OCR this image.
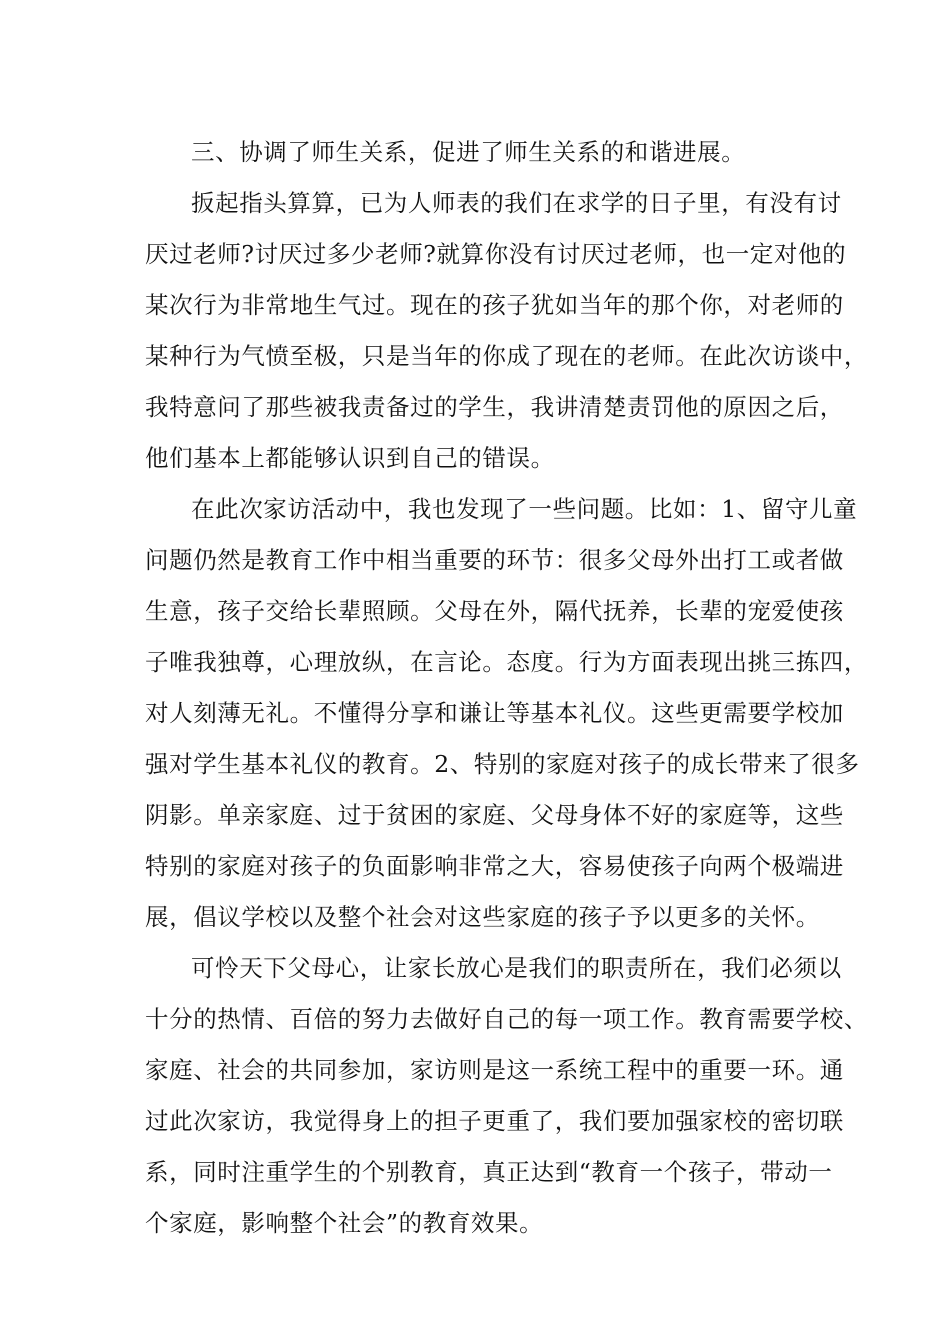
三、协调了师生关系，促进了师生关系的和谐进展。
扳起指头算算，已为人师表的我们在求学的日子里，有没有讨
厌过老师?讨厌过多少老师?就算你没有讨厌过老师，也一定对他的
某次行为非常地生气过。现在的孩子犹如当年的那个你，对老师的
某种行为气愤至极，只是当年的你成了现在的老师。在此次访谈中，
我特意问了那些被我责备过的学生，我讲清楚责罚他的原因之后，
他们基本上都能够认识到自己的错误。
在此次家访活动中，我也发现了一些问题。比如：1、留守儿童
问题仍然是教育工作中相当重要的环节：很多父母外出打工或者做
生意，孩子交给长辈照顾。父母在外，隔代抚养，长辈的宠爱使孩
子唯我独尊，心理放纵，在言论。态度。行为方面表现出挑三拣四，
对人刻薄无礼。不懂得分享和谦让等基本礼仪。这些更需要学校加
强对学生基本礼仪的教育。2、特别的家庭对孩子的成长带来了很多
阴影。单亲家庭、过于贫困的家庭、父母身体不好的家庭等，这些
特别的家庭对孩子的负面影响非常之大，容易使孩子向两个极端进
展，倡议学校以及整个社会对这些家庭的孩子予以更多的关怀。
可怜天下父母心，让家长放心是我们的职责所在，我们必须以
十分的热情、百倍的努力去做好自己的每一项工作。教育需要学校、
家庭、社会的共同参加，家访则是这一系统工程中的重要一环。通
过此次家访，我觉得身上的担子更重了，我们要加强家校的密切联
系，同时注重学生的个别教育，真正达到“教育一个孩子，带动一
个家庭，影响整个社会”的教育效果。
